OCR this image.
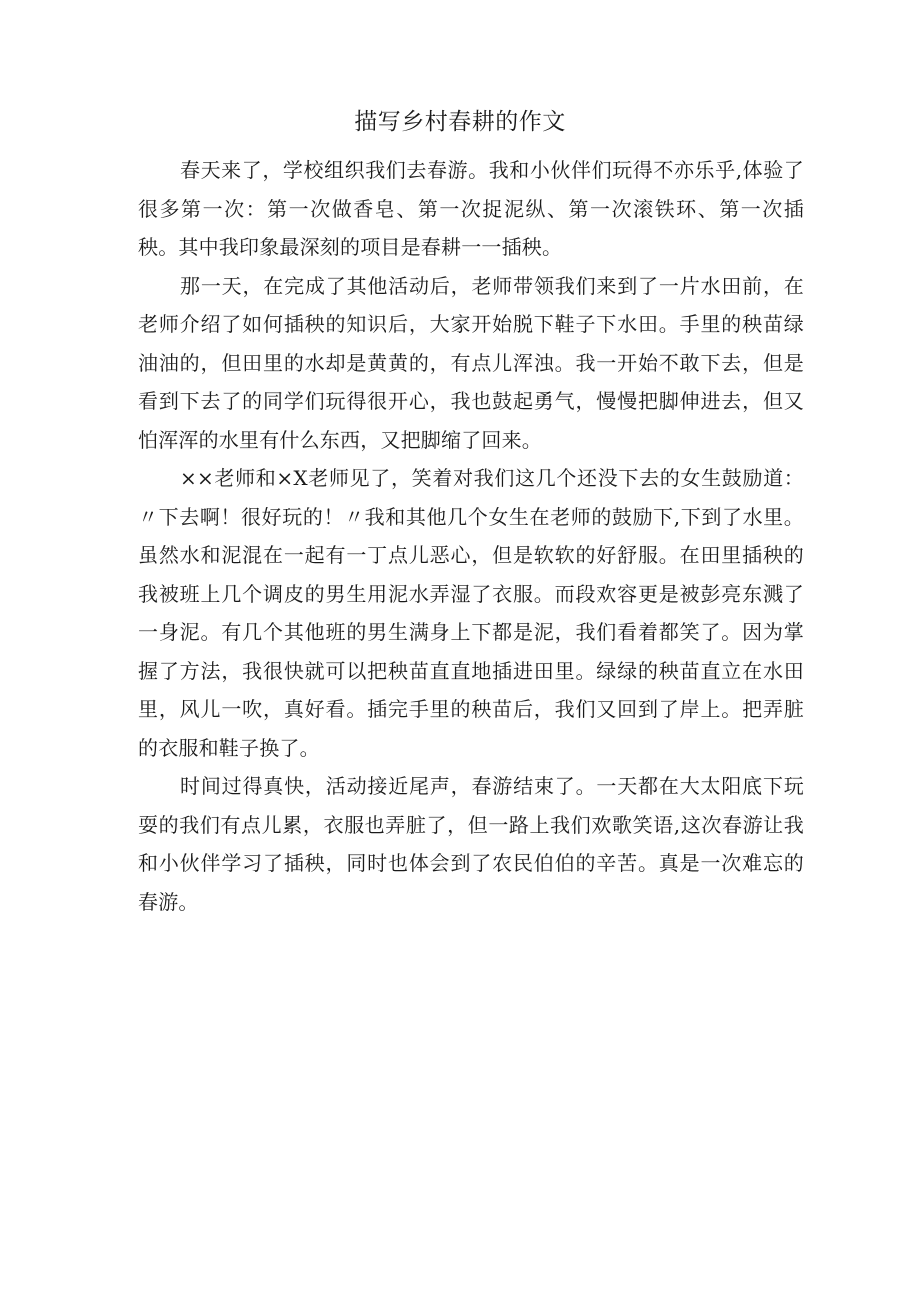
描写乡村春耕的作文

春天来了，学校组织我们去春游。我和小伙伴们玩得不亦乐乎,体验了很多第一次：第一次做香皂、第一次捉泥纵、第一次滚铁环、第一次插秧。其中我印象最深刻的项目是春耕一一插秧。

那一天，在完成了其他活动后，老师带领我们来到了一片水田前，在老师介绍了如何插秧的知识后，大家开始脱下鞋子下水田。手里的秧苗绿油油的，但田里的水却是黄黄的，有点儿浑浊。我一开始不敢下去，但是看到下去了的同学们玩得很开心，我也鼓起勇气，慢慢把脚伸进去，但又怕浑浑的水里有什么东西，又把脚缩了回来。

××老师和×X老师见了，笑着对我们这几个还没下去的女生鼓励道：〃下去啊！很好玩的！〃我和其他几个女生在老师的鼓励下,下到了水里。虽然水和泥混在一起有一丁点儿恶心，但是软软的好舒服。在田里插秧的我被班上几个调皮的男生用泥水弄湿了衣服。而段欢容更是被彭亮东溅了一身泥。有几个其他班的男生满身上下都是泥，我们看着都笑了。因为掌握了方法，我很快就可以把秧苗直直地插进田里。绿绿的秧苗直立在水田里，风儿一吹，真好看。插完手里的秧苗后，我们又回到了岸上。把弄脏的衣服和鞋子换了。

时间过得真快，活动接近尾声，春游结束了。一天都在大太阳底下玩耍的我们有点儿累，衣服也弄脏了，但一路上我们欢歌笑语,这次春游让我和小伙伴学习了插秧，同时也体会到了农民伯伯的辛苦。真是一次难忘的春游。
